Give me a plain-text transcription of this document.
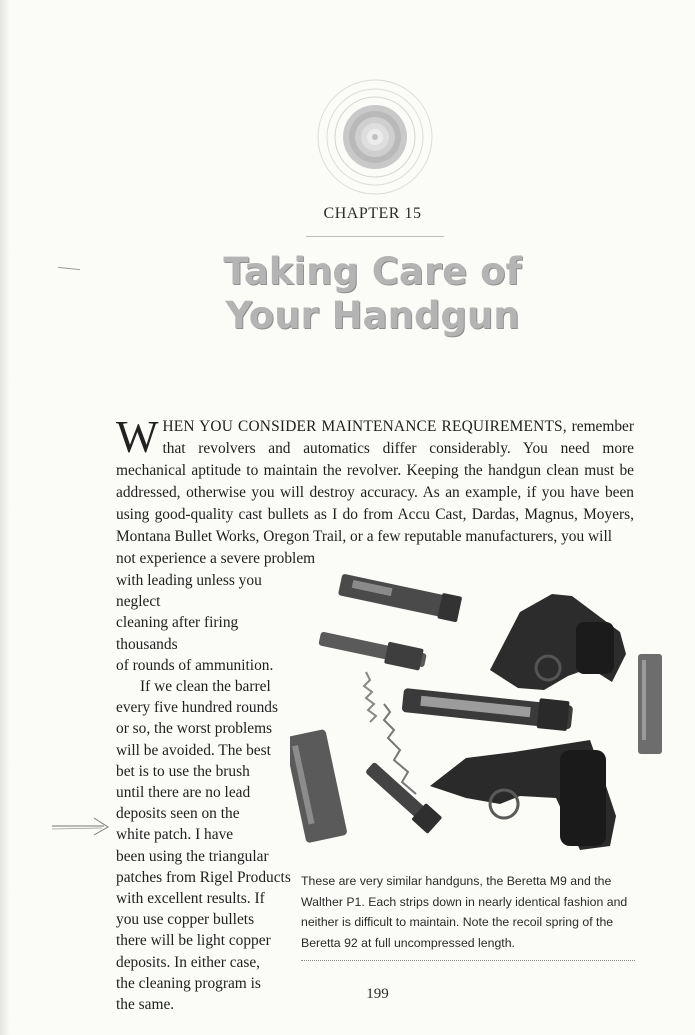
CHAPTER 15
Taking Care of
Your Handgun
WHEN YOU CONSIDER MAINTENANCE REQUIREMENTS, remember that revolvers and automatics differ considerably. You need more mechanical aptitude to maintain the revolver. Keeping the handgun clean must be addressed, otherwise you will destroy accuracy. As an example, if you have been using good-quality cast bullets as I do from Accu Cast, Dardas, Magnus, Moyers, Montana Bullet Works, Oregon Trail, or a few reputable manufacturers, you will
not experience a severe problem

with leading unless you neglect
cleaning after firing thousands
of rounds of ammunition.

If we clean the barrel
every five hundred rounds
or so, the worst problems
will be avoided. The best
bet is to use the brush
until there are no lead
deposits seen on the
white patch. I have
been using the triangular
patches from Rigel Products
with excellent results. If
you use copper bullets
there will be light copper
deposits. In either case,
the cleaning program is
the same.

These are very similar handguns, the Beretta M9 and the Walther P1. Each strips down in nearly identical fashion and neither is difficult to maintain. Note the recoil spring of the Beretta 92 at full uncompressed length.
199
